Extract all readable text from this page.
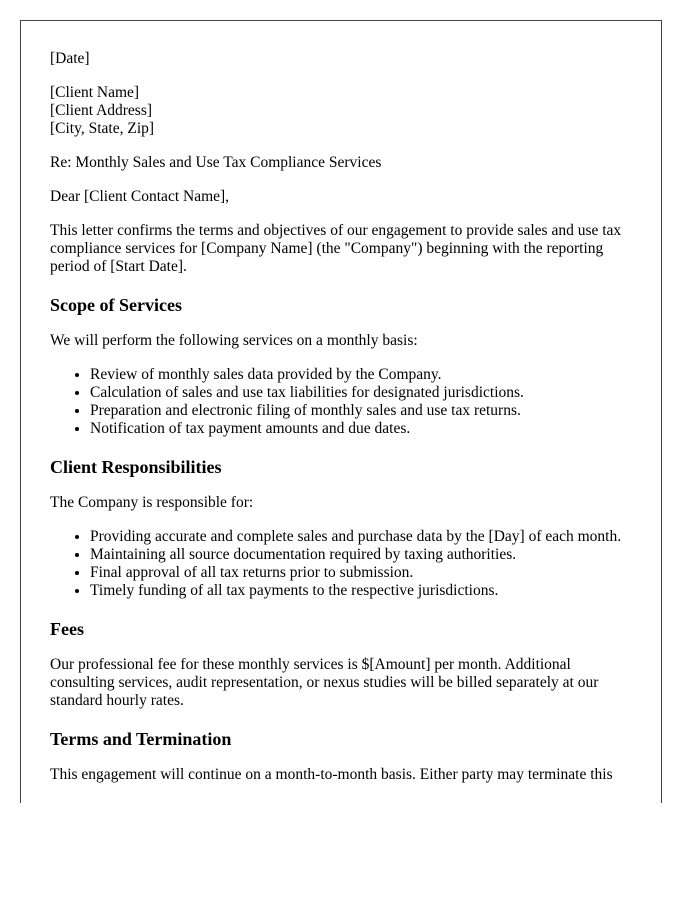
[Date]

[Client Name]

[Client Address]

[City, State, Zip]

Re: Monthly Sales and Use Tax Compliance Services

Dear [Client Contact Name],

This letter confirms the terms and objectives of our engagement to provide sales and use tax compliance services for [Company Name] (the "Company") beginning with the reporting period of [Start Date].

Scope of Services

We will perform the following services on a monthly basis:

• Review of monthly sales data provided by the Company.
• Calculation of sales and use tax liabilities for designated jurisdictions.
• Preparation and electronic filing of monthly sales and use tax returns.
• Notification of tax payment amounts and due dates.
Client Responsibilities

The Company is responsible for:

• Providing accurate and complete sales and purchase data by the [Day] of each month.
• Maintaining all source documentation required by taxing authorities.
• Final approval of all tax returns prior to submission.
• Timely funding of all tax payments to the respective jurisdictions.
Fees

Our professional fee for these monthly services is $[Amount] per month. Additional consulting services, audit representation, or nexus studies will be billed separately at our standard hourly rates.

Terms and Termination

This engagement will continue on a month-to-month basis. Either party may terminate this
